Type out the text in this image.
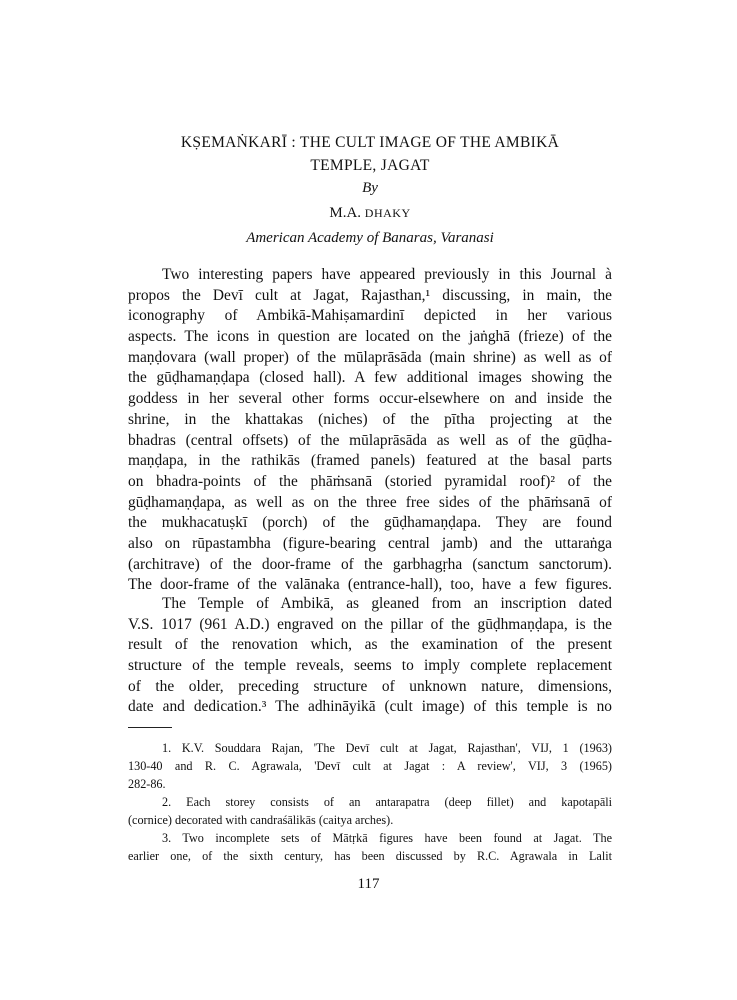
KṢEMAṄKARĪ : THE CULT IMAGE OF THE AMBIKĀ
TEMPLE, JAGAT
By
M.A. DHAKY
American Academy of Banaras, Varanasi
Two interesting papers have appeared previously in this Journal à
propos the Devī cult at Jagat, Rajasthan,¹ discussing, in main, the
iconography of Ambikā-Mahiṣamardinī depicted in her various
aspects. The icons in question are located on the jaṅghā (frieze) of the
maṇḍovara (wall proper) of the mūlaprāsāda (main shrine) as well as of
the gūḍhamaṇḍapa (closed hall). A few additional images showing the
goddess in her several other forms occur-elsewhere on and inside the
shrine, in the khattakas (niches) of the pītha projecting at the
bhadras (central offsets) of the mūlaprāsāda as well as of the gūḍha-
maṇḍapa, in the rathikās (framed panels) featured at the basal parts
on bhadra-points of the phāṁsanā (storied pyramidal roof)² of the
gūḍhamaṇḍapa, as well as on the three free sides of the phāṁsanā of
the mukhacatuṣkī (porch) of the gūḍhamaṇḍapa. They are found
also on rūpastambha (figure-bearing central jamb) and the uttaraṅga
(architrave) of the door-frame of the garbhagṛha (sanctum sanctorum).
The door-frame of the valānaka (entrance-hall), too, have a few figures.
The Temple of Ambikā, as gleaned from an inscription dated
V.S. 1017 (961 A.D.) engraved on the pillar of the gūḍhmaṇḍapa, is the
result of the renovation which, as the examination of the present
structure of the temple reveals, seems to imply complete replacement
of the older, preceding structure of unknown nature, dimensions,
date and dedication.³ The adhināyikā (cult image) of this temple is no
1. K.V. Souddara Rajan, 'The Devī cult at Jagat, Rajasthan', VIJ, 1 (1963)
130-40 and R. C. Agrawala, 'Devī cult at Jagat : A review', VIJ, 3 (1965)
282-86.
2. Each storey consists of an antarapatra (deep fillet) and kapotapāli
(cornice) decorated with candraśālikās (caitya arches).
3. Two incomplete sets of Mātṛkā figures have been found at Jagat. The
earlier one, of the sixth century, has been discussed by R.C. Agrawala in Lalit
117
